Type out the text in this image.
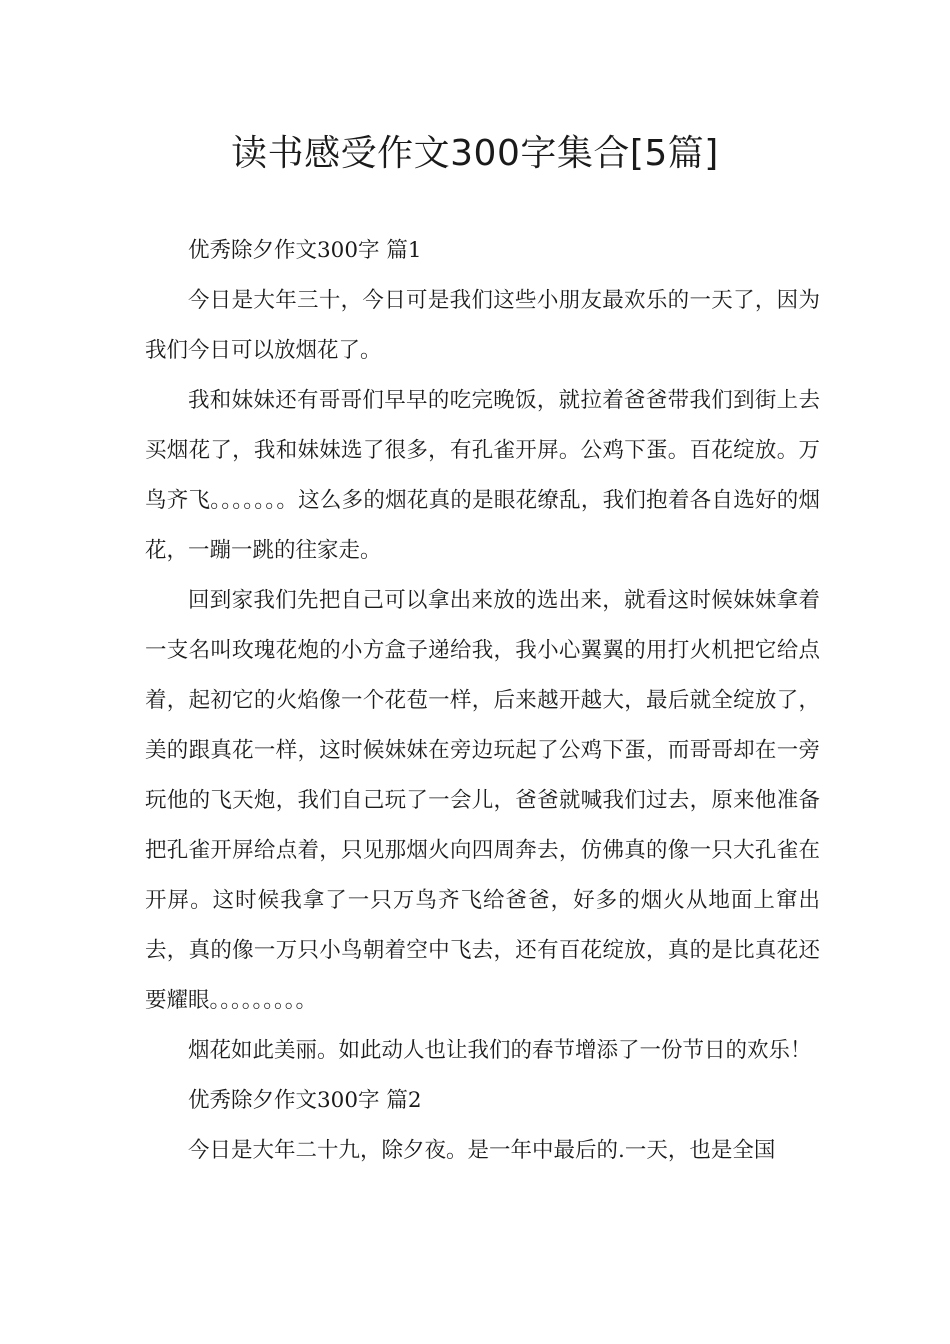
读书感受作文300字集合[5篇]

优秀除夕作文300字 篇1

今日是大年三十，今日可是我们这些小朋友最欢乐的一天了，因为我们今日可以放烟花了。

我和妹妹还有哥哥们早早的吃完晚饭，就拉着爸爸带我们到街上去买烟花了，我和妹妹选了很多，有孔雀开屏。公鸡下蛋。百花绽放。万鸟齐飞。。。。。。。这么多的烟花真的是眼花缭乱，我们抱着各自选好的烟花，一蹦一跳的往家走。

回到家我们先把自己可以拿出来放的选出来，就看这时候妹妹拿着一支名叫玫瑰花炮的小方盒子递给我，我小心翼翼的用打火机把它给点着，起初它的火焰像一个花苞一样，后来越开越大，最后就全绽放了，美的跟真花一样，这时候妹妹在旁边玩起了公鸡下蛋，而哥哥却在一旁玩他的飞天炮，我们自己玩了一会儿，爸爸就喊我们过去，原来他准备把孔雀开屏给点着，只见那烟火向四周奔去，仿佛真的像一只大孔雀在开屏。这时候我拿了一只万鸟齐飞给爸爸，好多的烟火从地面上窜出去，真的像一万只小鸟朝着空中飞去，还有百花绽放，真的是比真花还要耀眼。。。。。。。。。

烟花如此美丽。如此动人也让我们的春节增添了一份节日的欢乐！

优秀除夕作文300字 篇2

今日是大年二十九，除夕夜。是一年中最后的.一天，也是全国
